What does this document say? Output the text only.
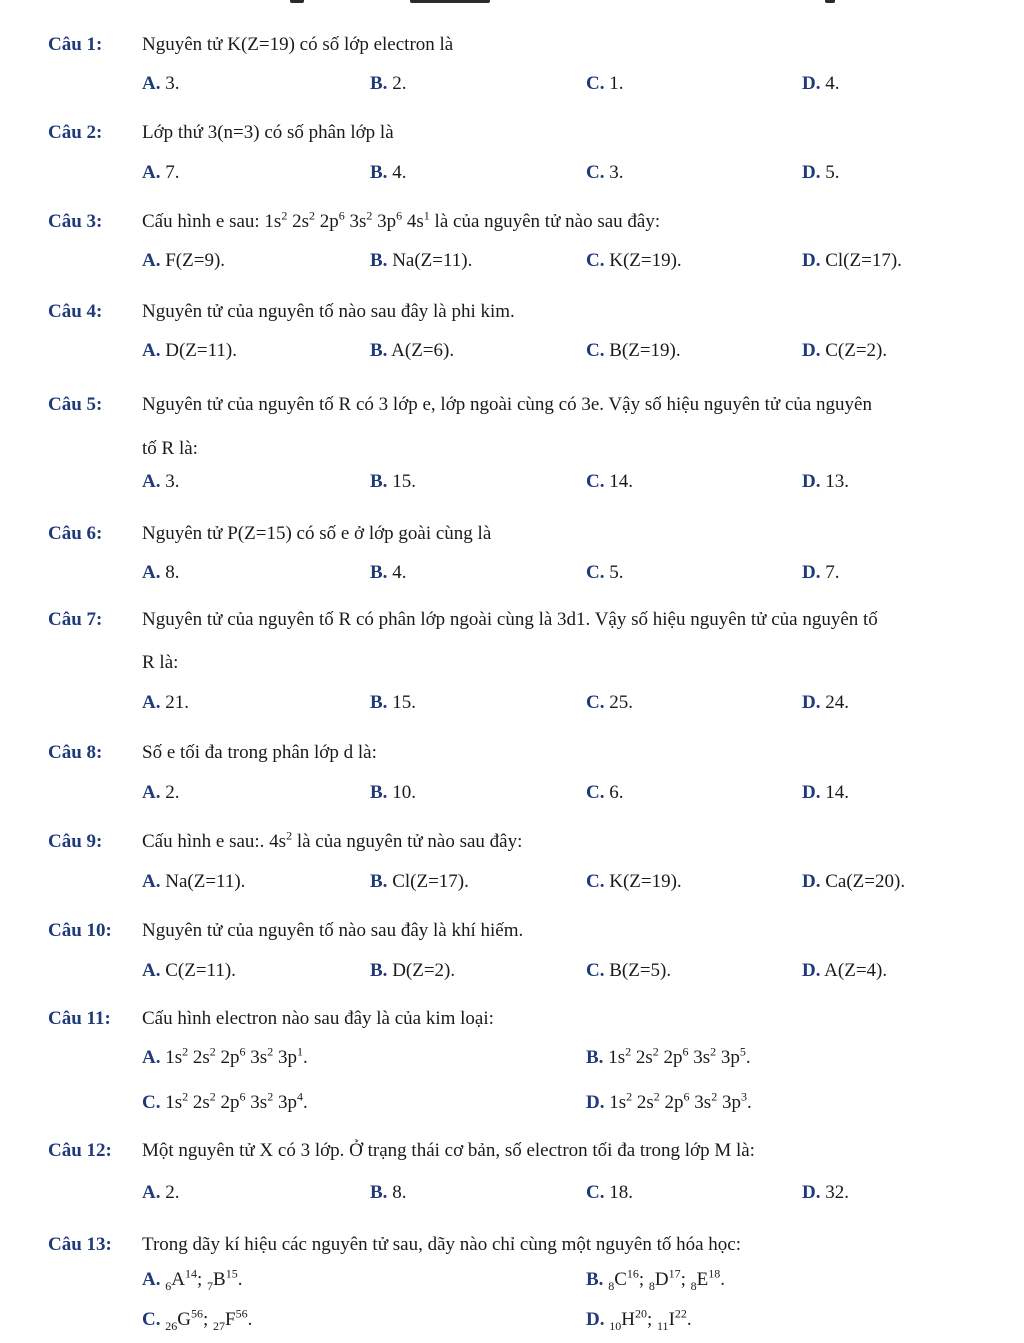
Câu 1: Nguyên tử K(Z=19) có số lớp electron là
A. 3.	B. 2.	C. 1.	D. 4.
Câu 2: Lớp thứ 3(n=3) có số phân lớp là
A. 7.	B. 4.	C. 3.	D. 5.
Câu 3: Cấu hình e sau: $1s^2$ $2s^2$ $2p^6$ $3s^2$ $3p^6$ $4s^1$ là của nguyên tử nào sau đây:
A. F(Z=9).	B. Na(Z=11).	C. K(Z=19).	D. Cl(Z=17).
Câu 4: Nguyên tử của nguyên tố nào sau đây là phi kim.
A. D(Z=11).	B. A(Z=6).	C. B(Z=19).	D. C(Z=2).
Câu 5: Nguyên tử của nguyên tố R có 3 lớp e, lớp ngoài cùng có 3e. Vậy số hiệu nguyên tử của nguyên
tố R là:
A. 3.	B. 15.	C. 14.	D. 13.
Câu 6: Nguyên tử P(Z=15) có số e ở lớp goài cùng là
A. 8.	B. 4.	C. 5.	D. 7.
Câu 7: Nguyên tử của nguyên tố R có phân lớp ngoài cùng là 3d1. Vậy số hiệu nguyên tử của nguyên tố
R là:
A. 21.	B. 15.	C. 25.	D. 24.
Câu 8: Số e tối đa trong phân lớp d là:
A. 2.	B. 10.	C. 6.	D. 14.
Câu 9: Cấu hình e sau:. $4s^2$ là của nguyên tử nào sau đây:
A. Na(Z=11).	B. Cl(Z=17).	C. K(Z=19).	D. Ca(Z=20).
Câu 10: Nguyên tử của nguyên tố nào sau đây là khí hiếm.
A. C(Z=11).	B. D(Z=2).	C. B(Z=5).	D. A(Z=4).
Câu 11: Cấu hình electron nào sau đây là của kim loại:
A. $1s^2$ $2s^2$ $2p^6$ $3s^2$ $3p^1$.	B. $1s^2$ $2s^2$ $2p^6$ $3s^2$ $3p^5$.
C. $1s^2$ $2s^2$ $2p^6$ $3s^2$ $3p^4$.	D. $1s^2$ $2s^2$ $2p^6$ $3s^2$ $3p^3$.
Câu 12: Một nguyên tử X có 3 lớp. Ở trạng thái cơ bản, số electron tối đa trong lớp M là:
A. 2.	B. 8.	C. 18.	D. 32.
Câu 13: Trong dãy kí hiệu các nguyên tử sau, dãy nào chỉ cùng một nguyên tố hóa học:
A. $_6A^{14}$; $_7B^{15}$.	B. $_8C^{16}$; $_8D^{17}$; $_8E^{18}$.
C. $_{26}G^{56}$; $_{27}F^{56}$.	D. $_{10}H^{20}$; $_{11}I^{22}$.
